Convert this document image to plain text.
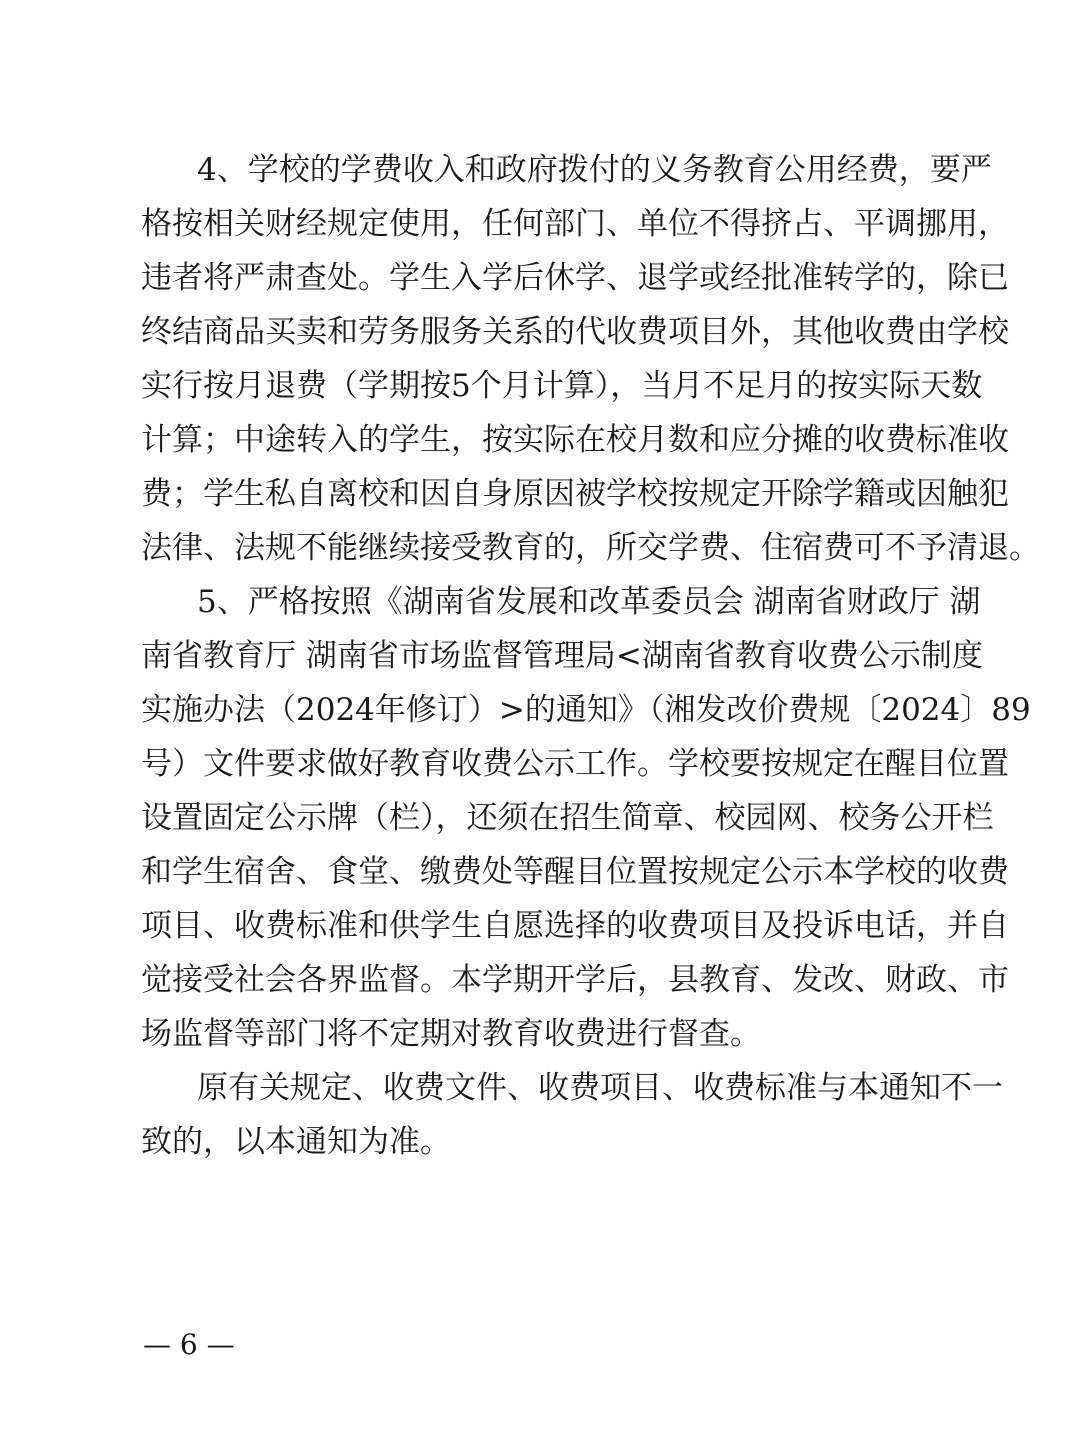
4、学校的学费收入和政府拨付的义务教育公用经费，要严
格按相关财经规定使用，任何部门、单位不得挤占、平调挪用，
违者将严肃查处。学生入学后休学、退学或经批准转学的，除已
终结商品买卖和劳务服务关系的代收费项目外，其他收费由学校
实行按月退费（学期按5个月计算），当月不足月的按实际天数
计算；中途转入的学生，按实际在校月数和应分摊的收费标准收
费；学生私自离校和因自身原因被学校按规定开除学籍或因触犯
法律、法规不能继续接受教育的，所交学费、住宿费可不予清退。
5、严格按照《湖南省发展和改革委员会 湖南省财政厅 湖
南省教育厅 湖南省市场监督管理局<湖南省教育收费公示制度
实施办法（2024年修订）>的通知》（湘发改价费规〔2024〕89
号）文件要求做好教育收费公示工作。学校要按规定在醒目位置
设置固定公示牌（栏），还须在招生简章、校园网、校务公开栏
和学生宿舍、食堂、缴费处等醒目位置按规定公示本学校的收费
项目、收费标准和供学生自愿选择的收费项目及投诉电话，并自
觉接受社会各界监督。本学期开学后，县教育、发改、财政、市
场监督等部门将不定期对教育收费进行督查。
原有关规定、收费文件、收费项目、收费标准与本通知不一
致的，以本通知为准。
— 6 —
